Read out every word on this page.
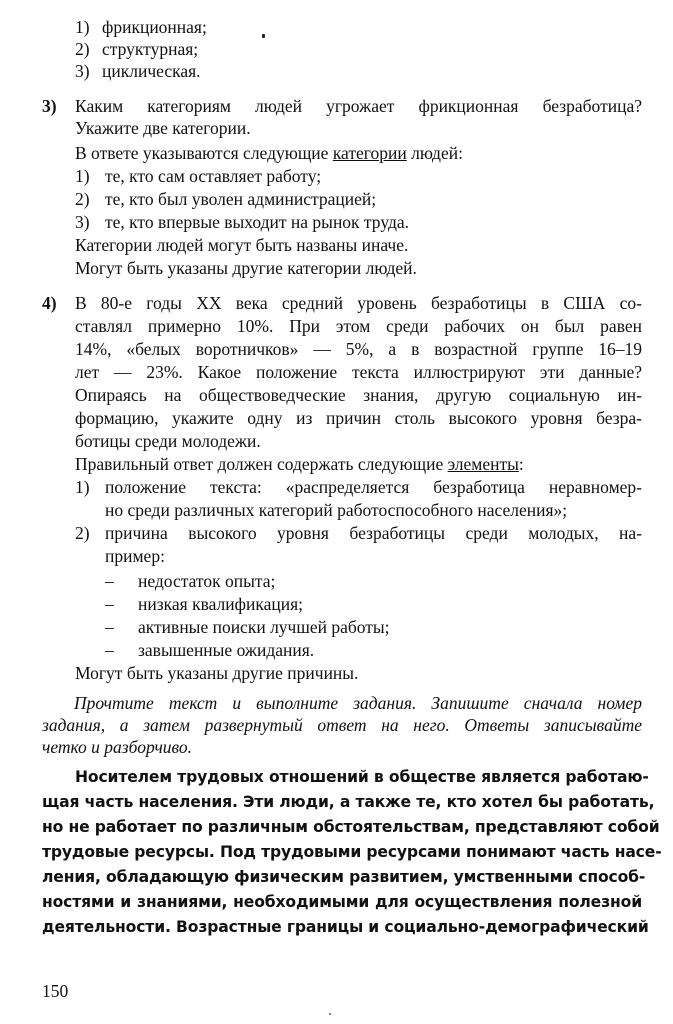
1) фрикционная;
2) структурная;
3) циклическая.
3) Каким категориям людей угрожает фрикционная безработица?
Укажите две категории.
В ответе указываются следующие категории людей:
1) те, кто сам оставляет работу;
2) те, кто был уволен администрацией;
3) те, кто впервые выходит на рынок труда.
Категории людей могут быть названы иначе.
Могут быть указаны другие категории людей.
4) В 80-е годы XX века средний уровень безработицы в США со-
ставлял примерно 10%. При этом среди рабочих он был равен
14%, «белых воротничков» — 5%, а в возрастной группе 16–19
лет — 23%. Какое положение текста иллюстрируют эти данные?
Опираясь на обществоведческие знания, другую социальную ин-
формацию, укажите одну из причин столь высокого уровня безра-
ботицы среди молодежи.
Правильный ответ должен содержать следующие элементы:
1) положение текста: «распределяется безработица неравномер-
но среди различных категорий работоспособного населения»;
2) причина высокого уровня безработицы среди молодых, на-
пример:
– недостаток опыта;
– низкая квалификация;
– активные поиски лучшей работы;
– завышенные ожидания.
Могут быть указаны другие причины.
Прочтите текст и выполните задания. Запишите сначала номер
задания, а затем развернутый ответ на него. Ответы записывайте
четко и разборчиво.
Носителем трудовых отношений в обществе является работаю-
щая часть населения. Эти люди, а также те, кто хотел бы работать,
но не работает по различным обстоятельствам, представляют собой
трудовые ресурсы. Под трудовыми ресурсами понимают часть насе-
ления, обладающую физическим развитием, умственными способ-
ностями и знаниями, необходимыми для осуществления полезной
деятельности. Возрастные границы и социально-демографический
150
